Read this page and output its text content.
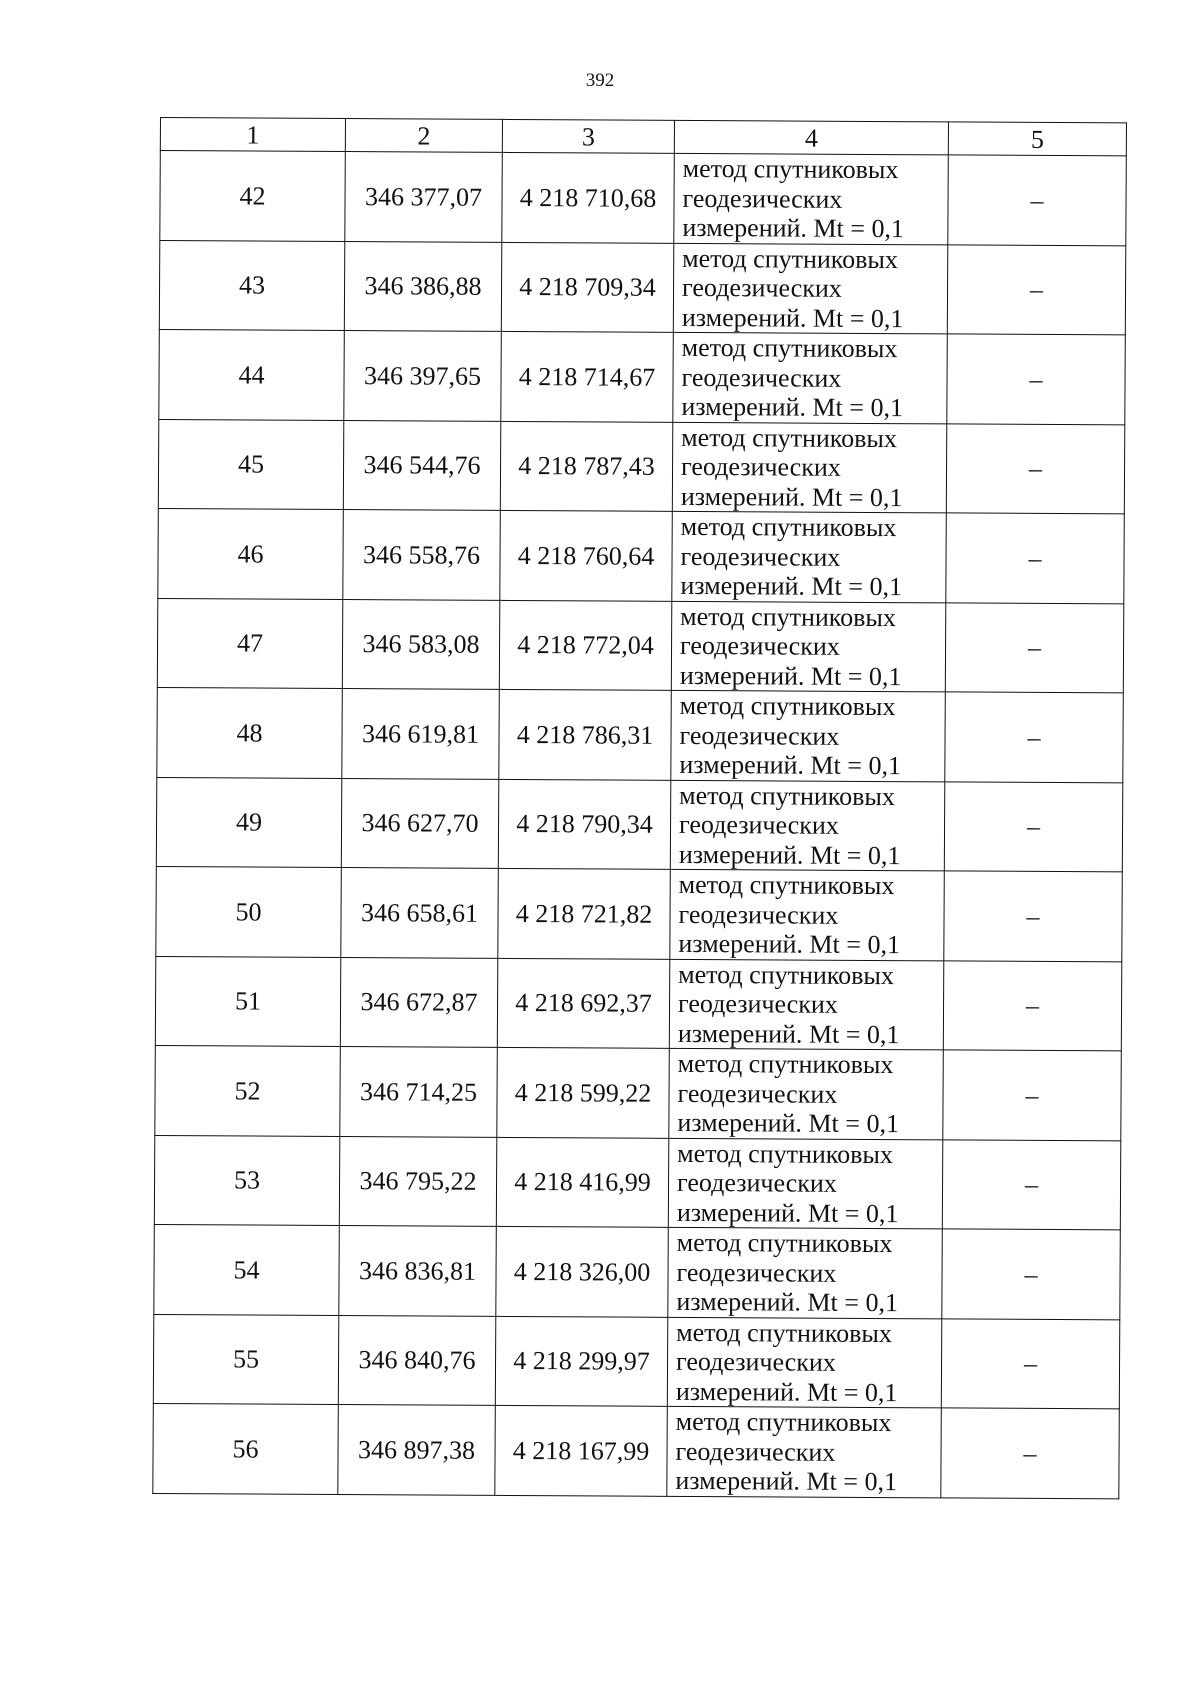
392
1	2	3	4	5
42	346 377,07	4 218 710,68	метод спутниковых
геодезических
измерений. Mt = 0,1	–
43	346 386,88	4 218 709,34	метод спутниковых
геодезических
измерений. Mt = 0,1	–
44	346 397,65	4 218 714,67	метод спутниковых
геодезических
измерений. Mt = 0,1	–
45	346 544,76	4 218 787,43	метод спутниковых
геодезических
измерений. Mt = 0,1	–
46	346 558,76	4 218 760,64	метод спутниковых
геодезических
измерений. Mt = 0,1	–
47	346 583,08	4 218 772,04	метод спутниковых
геодезических
измерений. Mt = 0,1	–
48	346 619,81	4 218 786,31	метод спутниковых
геодезических
измерений. Mt = 0,1	–
49	346 627,70	4 218 790,34	метод спутниковых
геодезических
измерений. Mt = 0,1	–
50	346 658,61	4 218 721,82	метод спутниковых
геодезических
измерений. Mt = 0,1	–
51	346 672,87	4 218 692,37	метод спутниковых
геодезических
измерений. Mt = 0,1	–
52	346 714,25	4 218 599,22	метод спутниковых
геодезических
измерений. Mt = 0,1	–
53	346 795,22	4 218 416,99	метод спутниковых
геодезических
измерений. Mt = 0,1	–
54	346 836,81	4 218 326,00	метод спутниковых
геодезических
измерений. Mt = 0,1	–
55	346 840,76	4 218 299,97	метод спутниковых
геодезических
измерений. Mt = 0,1	–
56	346 897,38	4 218 167,99	метод спутниковых
геодезических
измерений. Mt = 0,1	–
